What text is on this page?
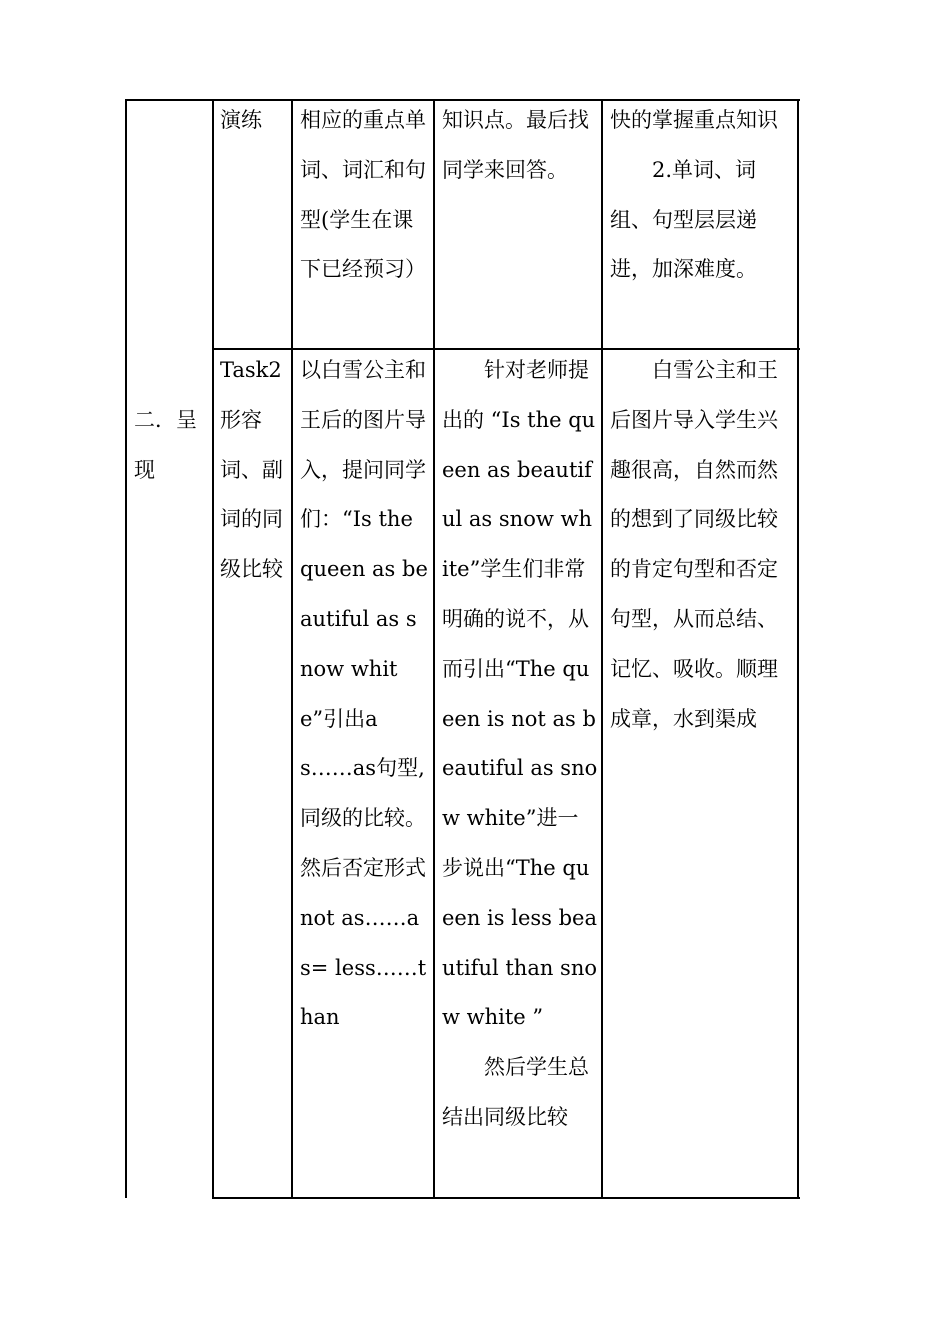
二．呈现

演练	相应的重点单词、词汇和句型(学生在课下已经预习）

知识点。最后找同学来回答。

快的掌握重点知识

2.单词、词组、句型层层递进，加深难度。

Task2形容词、副词的同级比较

以白雪公主和王后的图片导入，提问同学们：“Is the queen as beautiful as snow white”引出as……as句型,同级的比较。然后否定形式 not as……as= less……than

针对老师提出的 “Is the queen as beautiful as snow white”学生们非常明确的说不，从而引出“The queen is not as beautiful as snow white”进一步说出“The queen is less beautiful than snow white ”

然后学生总结出同级比较

白雪公主和王后图片导入学生兴趣很高，自然而然的想到了同级比较的肯定句型和否定句型，从而总结、记忆、吸收。顺理成章，水到渠成
